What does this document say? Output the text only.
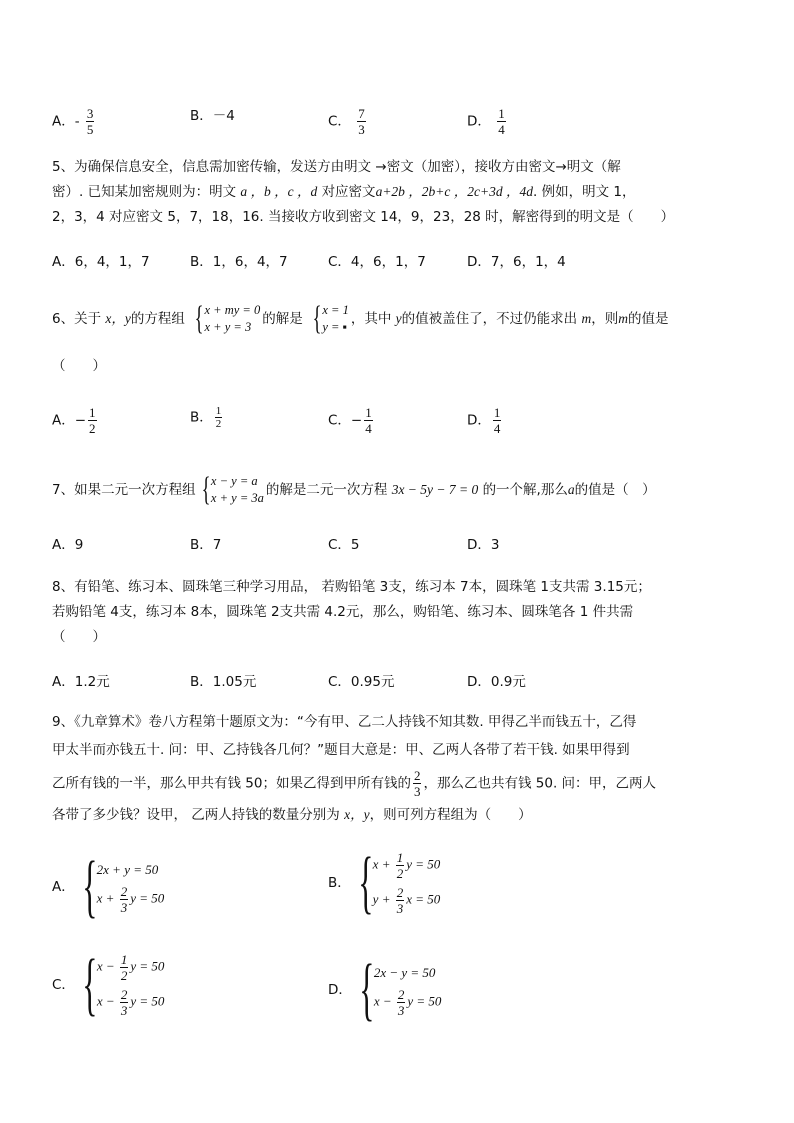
A．- $\frac{3}{5}$	B．－4	C． $\frac{7}{3}$	D． $\frac{1}{4}$
5、为确保信息安全，信息需加密传输，发送方由明文 →密文（加密），接收方由密文→明文（解
密）. 已知某加密规则为：明文 a ，b ，c ，d 对应密文a+2b ，2b+c ，2c+3d ，4d. 例如，明文 1，
2，3，4 对应密文 5，7，18，16. 当接收方收到密文 14，9，23，28 时，解密得到的明文是（　　）
A．6，4，1，7	B．1，6，4，7	C．4，6，1，7	D．7，6，1，4
6、关于 x，y的方程组 { x + my = 0
x + y = 3 的解是 { x = 1
y = ▪ ，其中 y的值被盖住了，不过仍能求出 m，则m的值是
（　　）
A．− $\frac{1}{2}$	B． $\frac{1}{2}$	C．− $\frac{1}{4}$	D． $\frac{1}{4}$
7、如果二元一次方程组 { x − y = a
x + y = 3a 的解是二元一次方程 3x − 5y − 7 = 0 的一个解,那么a的值是（　）
A．9	B．7	C．5	D．3
8、有铅笔、练习本、圆珠笔三种学习用品， 若购铅笔 3支，练习本 7本，圆珠笔 1支共需 3.15元；
若购铅笔 4支，练习本 8本，圆珠笔 2支共需 4.2元，那么，购铅笔、练习本、圆珠笔各 1 件共需
（　　）
A．1.2元	B．1.05元	C．0.95元	D．0.9元
9、《九章算术》卷八方程第十题原文为：“今有甲、乙二人持钱不知其数. 甲得乙半而钱五十，乙得
甲太半而亦钱五十. 问：甲、乙持钱各几何？”题目大意是：甲、乙两人各带了若干钱. 如果甲得到
乙所有钱的一半，那么甲共有钱 50；如果乙得到甲所有钱的 $\frac{2}{3}$ ，那么乙也共有钱 50. 问：甲，乙两人
各带了多少钱？设甲， 乙两人持钱的数量分别为 x，y，则可列方程组为（　　）
A． { 2x + y = 50
$x + \frac{2}{3}$ y = 50
B． { $x + \frac{1}{2}$ y = 50
$y + \frac{2}{3}$ x = 50
C． { $x - \frac{1}{2}$ y = 50
$x - \frac{2}{3}$ y = 50
D． { 2x − y = 50
$x - \frac{2}{3}$ y = 50
